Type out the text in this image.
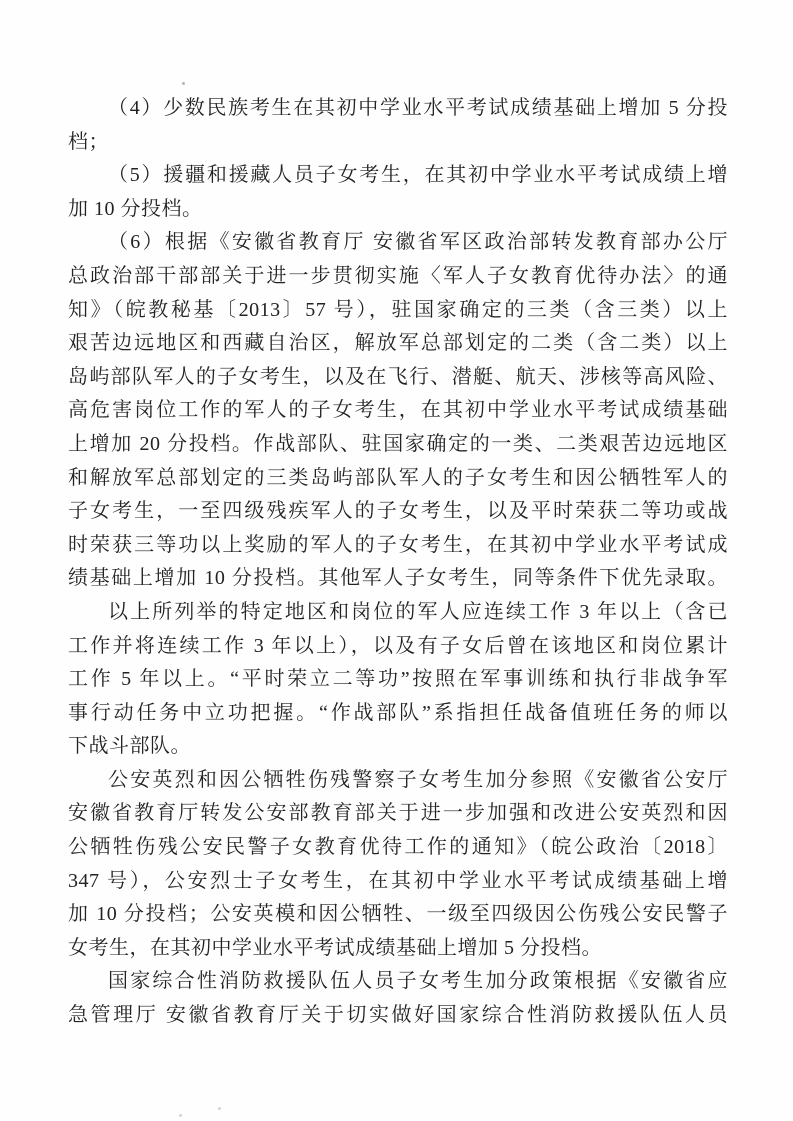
（4）少数民族考生在其初中学业水平考试成绩基础上增加 5 分投
档；
（5）援疆和援藏人员子女考生，在其初中学业水平考试成绩上增
加 10 分投档。
（6）根据《安徽省教育厅 安徽省军区政治部转发教育部办公厅
总政治部干部部关于进一步贯彻实施〈军人子女教育优待办法〉的通
知》（皖教秘基〔2013〕57 号），驻国家确定的三类（含三类）以上
艰苦边远地区和西藏自治区，解放军总部划定的二类（含二类）以上
岛屿部队军人的子女考生，以及在飞行、潜艇、航天、涉核等高风险、
高危害岗位工作的军人的子女考生，在其初中学业水平考试成绩基础
上增加 20 分投档。作战部队、驻国家确定的一类、二类艰苦边远地区
和解放军总部划定的三类岛屿部队军人的子女考生和因公牺牲军人的
子女考生，一至四级残疾军人的子女考生，以及平时荣获二等功或战
时荣获三等功以上奖励的军人的子女考生，在其初中学业水平考试成
绩基础上增加 10 分投档。其他军人子女考生，同等条件下优先录取。
以上所列举的特定地区和岗位的军人应连续工作 3 年以上（含已
工作并将连续工作 3 年以上），以及有子女后曾在该地区和岗位累计
工作 5 年以上。“平时荣立二等功”按照在军事训练和执行非战争军
事行动任务中立功把握。“作战部队”系指担任战备值班任务的师以
下战斗部队。
公安英烈和因公牺牲伤残警察子女考生加分参照《安徽省公安厅
安徽省教育厅转发公安部教育部关于进一步加强和改进公安英烈和因
公牺牲伤残公安民警子女教育优待工作的通知》（皖公政治〔2018〕
347 号），公安烈士子女考生，在其初中学业水平考试成绩基础上增
加 10 分投档；公安英模和因公牺牲、一级至四级因公伤残公安民警子
女考生，在其初中学业水平考试成绩基础上增加 5 分投档。
国家综合性消防救援队伍人员子女考生加分政策根据《安徽省应
急管理厅 安徽省教育厅关于切实做好国家综合性消防救援队伍人员
